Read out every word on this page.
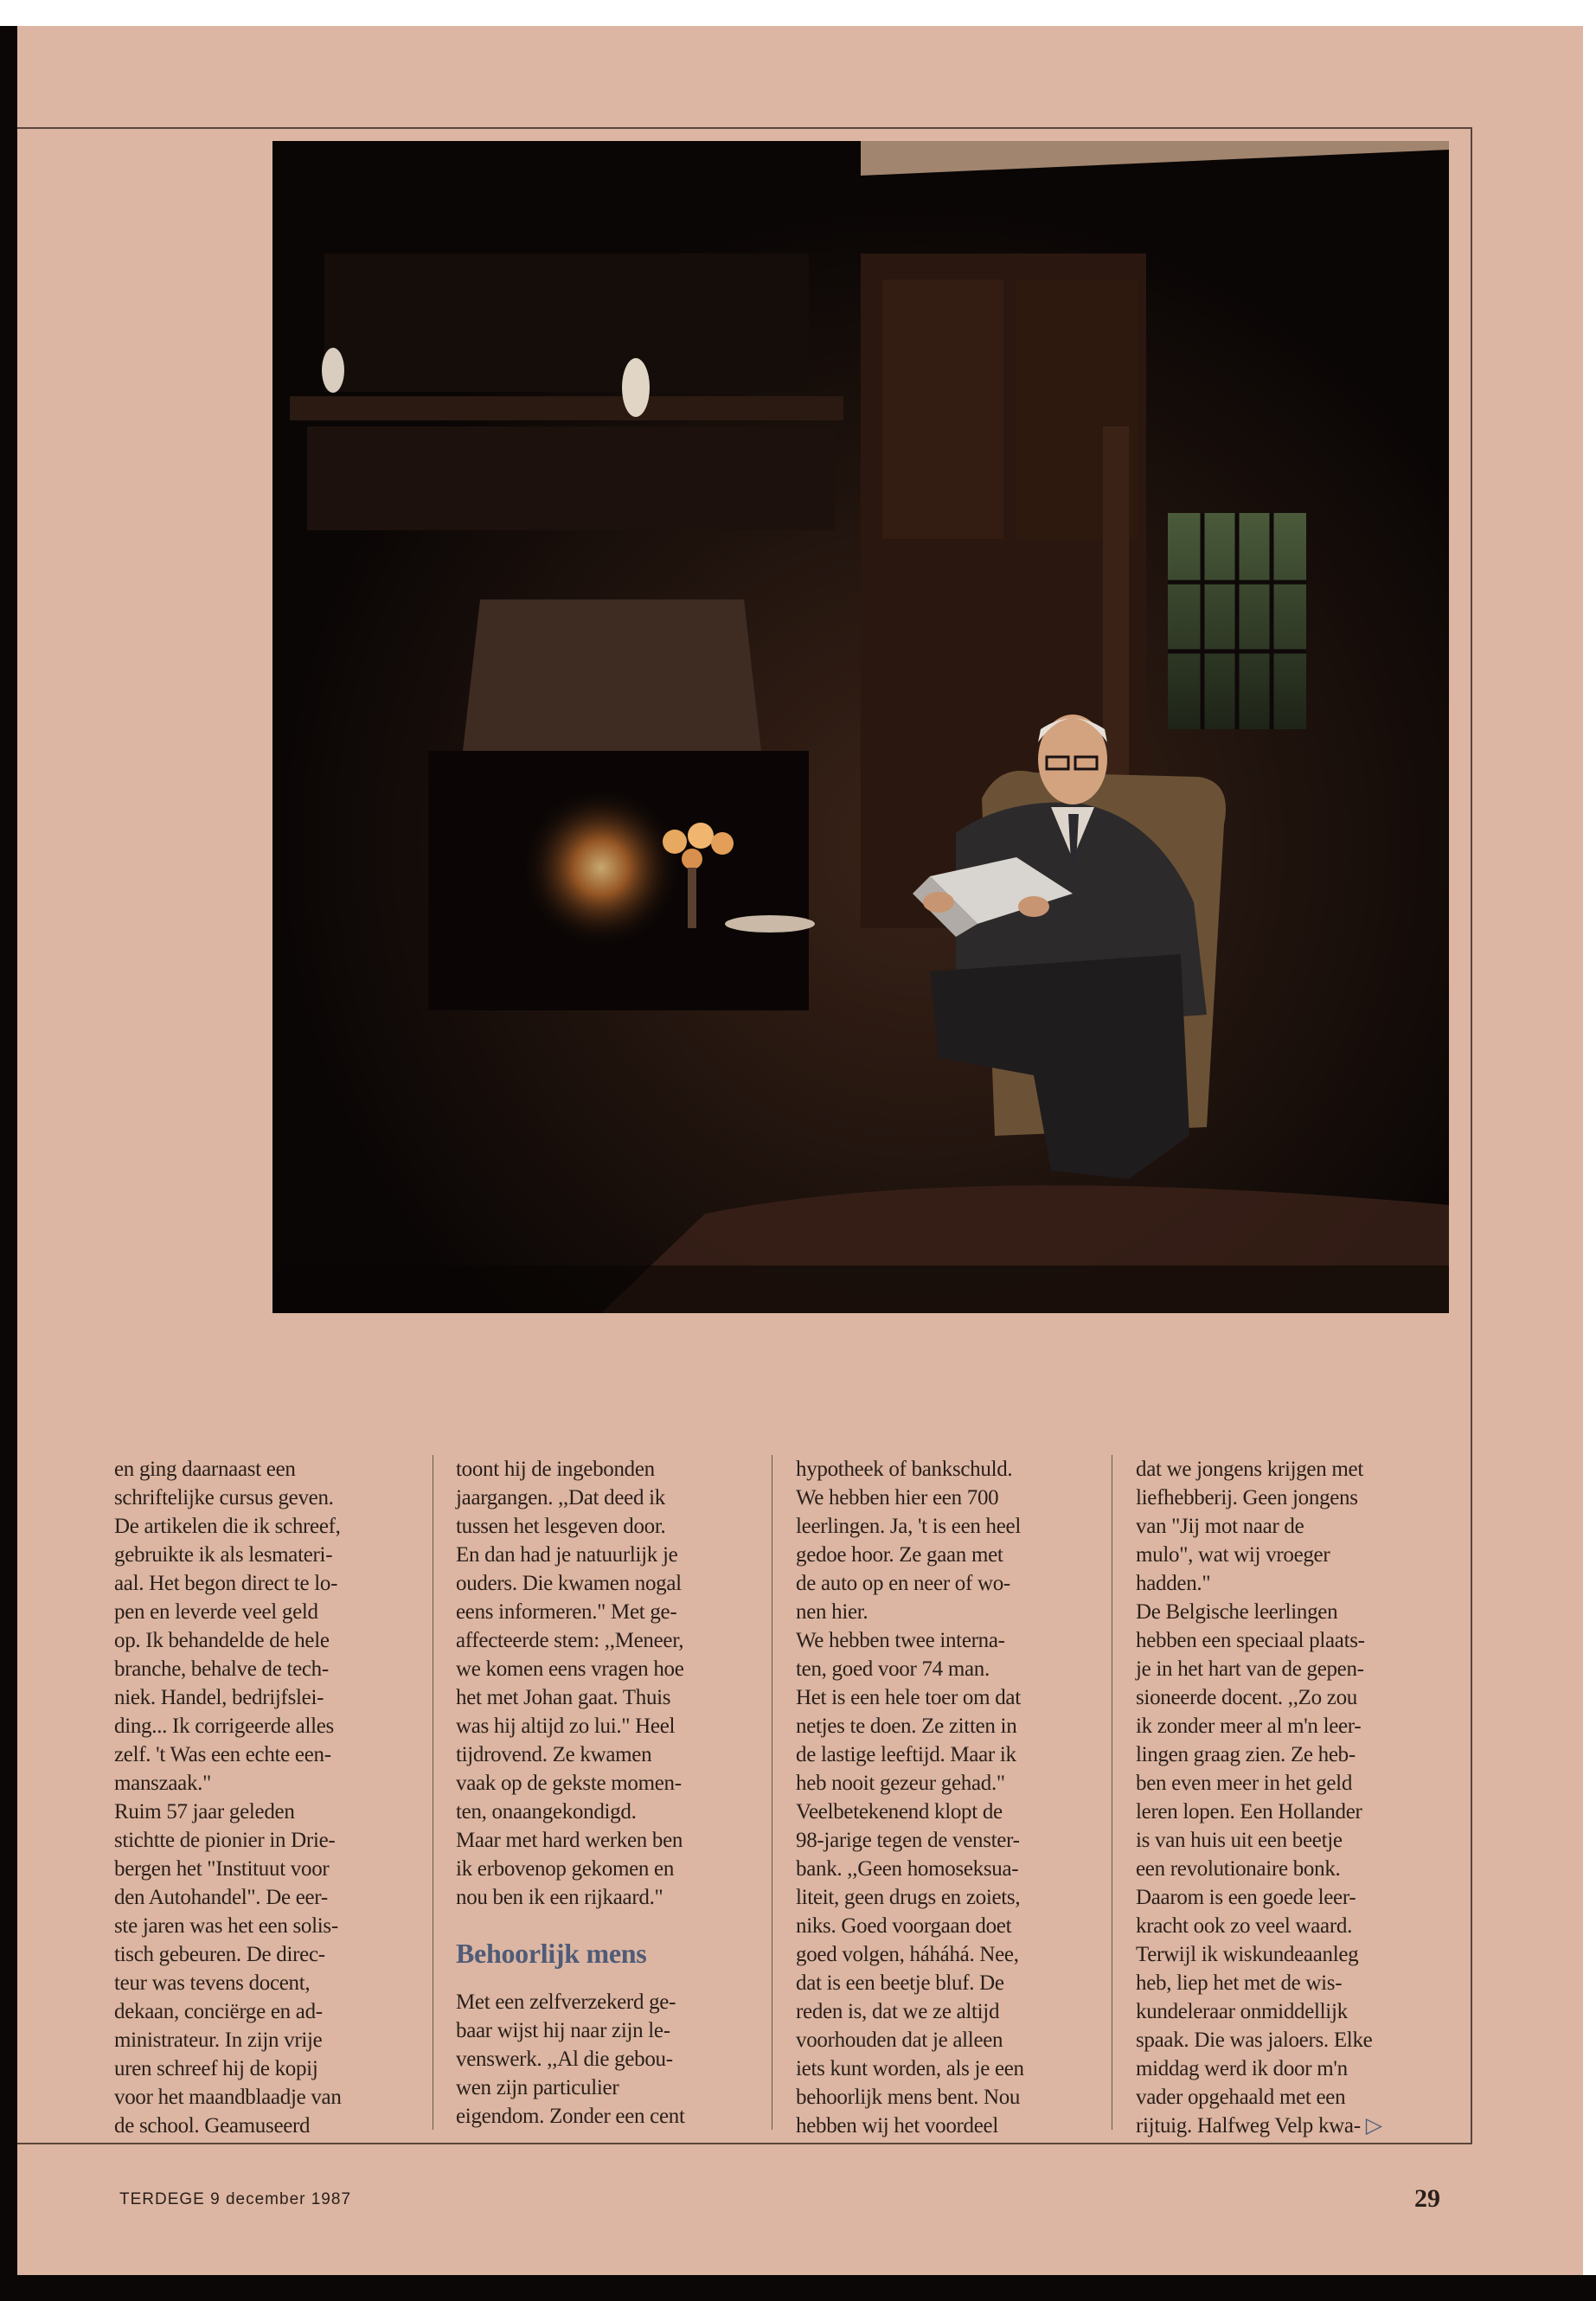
en ging daarnaast een
schriftelijke cursus geven.
De artikelen die ik schreef,
gebruikte ik als lesmateri-
aal. Het begon direct te lo-
pen en leverde veel geld
op. Ik behandelde de hele
branche, behalve de tech-
niek. Handel, bedrijfslei-
ding... Ik corrigeerde alles
zelf. 't Was een echte een-
manszaak."
Ruim 57 jaar geleden
stichtte de pionier in Drie-
bergen het "Instituut voor
den Autohandel". De eer-
ste jaren was het een solis-
tisch gebeuren. De direc-
teur was tevens docent,
dekaan, conciërge en ad-
ministrateur. In zijn vrije
uren schreef hij de kopij
voor het maandblaadje van
de school. Geamuseerd

toont hij de ingebonden
jaargangen. ,,Dat deed ik
tussen het lesgeven door.
En dan had je natuurlijk je
ouders. Die kwamen nogal
eens informeren." Met ge-
affecteerde stem: ,,Meneer,
we komen eens vragen hoe
het met Johan gaat. Thuis
was hij altijd zo lui." Heel
tijdrovend. Ze kwamen
vaak op de gekste momen-
ten, onaangekondigd.
Maar met hard werken ben
ik erbovenop gekomen en
nou ben ik een rijkaard."

Behoorlijk mens

Met een zelfverzekerd ge-
baar wijst hij naar zijn le-
venswerk. ,,Al die gebou-
wen zijn particulier
eigendom. Zonder een cent

hypotheek of bankschuld.
We hebben hier een 700
leerlingen. Ja, 't is een heel
gedoe hoor. Ze gaan met
de auto op en neer of wo-
nen hier.
We hebben twee interna-
ten, goed voor 74 man.
Het is een hele toer om dat
netjes te doen. Ze zitten in
de lastige leeftijd. Maar ik
heb nooit gezeur gehad."
Veelbetekenend klopt de
98-jarige tegen de venster-
bank. ,,Geen homoseksua-
liteit, geen drugs en zoiets,
niks. Goed voorgaan doet
goed volgen, háháhá. Nee,
dat is een beetje bluf. De
reden is, dat we ze altijd
voorhouden dat je alleen
iets kunt worden, als je een
behoorlijk mens bent. Nou
hebben wij het voordeel

dat we jongens krijgen met
liefhebberij. Geen jongens
van "Jij mot naar de
mulo", wat wij vroeger
hadden."
De Belgische leerlingen
hebben een speciaal plaats-
je in het hart van de gepen-
sioneerde docent. ,,Zo zou
ik zonder meer al m'n leer-
lingen graag zien. Ze heb-
ben even meer in het geld
leren lopen. Een Hollander
is van huis uit een beetje
een revolutionaire bonk.
Daarom is een goede leer-
kracht ook zo veel waard.
Terwijl ik wiskundeaanleg
heb, liep het met de wis-
kundeleraar onmiddellijk
spaak. Die was jaloers. Elke
middag werd ik door m'n
vader opgehaald met een
rijtuig. Halfweg Velp kwa- ▷

TERDEGE 9 december 1987	29
